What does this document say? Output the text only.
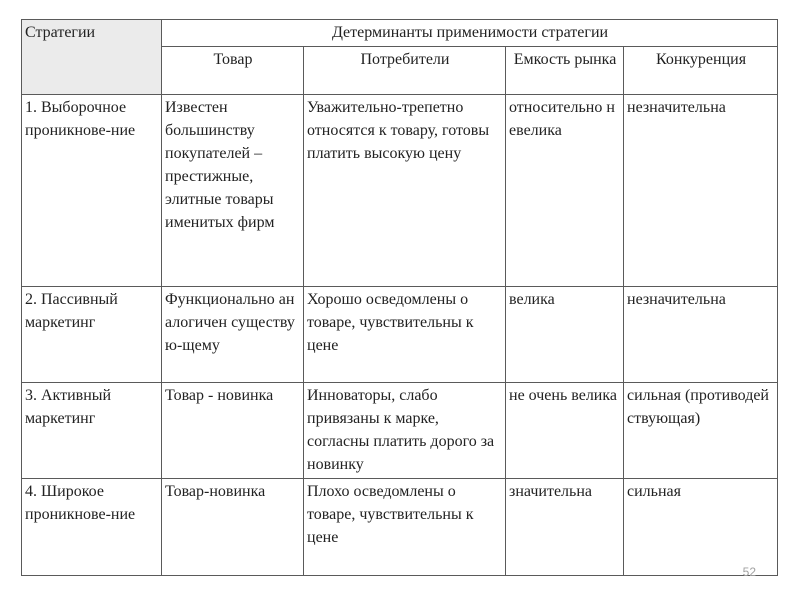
Стратегии	Детерминанты применимости стратегии			
	Товар	Потребители	Емкость рынка	Конкуренция
1. Выборочное проникнове-ние	Известен большинству покупателей – престижные, элитные товары именитых фирм	Уважительно-трепетно относятся к товару, готовы платить высокую цену	относительно невелика	незначительна
2. Пассивный маркетинг	Функционально аналогичен существую-щему	Хорошо осведомлены о товаре, чувствительны к цене	велика	незначительна
3. Активный маркетинг	Товар - новинка	Инноваторы, слабо привязаны к марке, согласны платить дорого за новинку	не очень велика	сильная (противодействующая)
4. Широкое проникнове-ние	Товар-новинка	Плохо осведомлены о товаре, чувствительны к цене	значительна	сильная
52
